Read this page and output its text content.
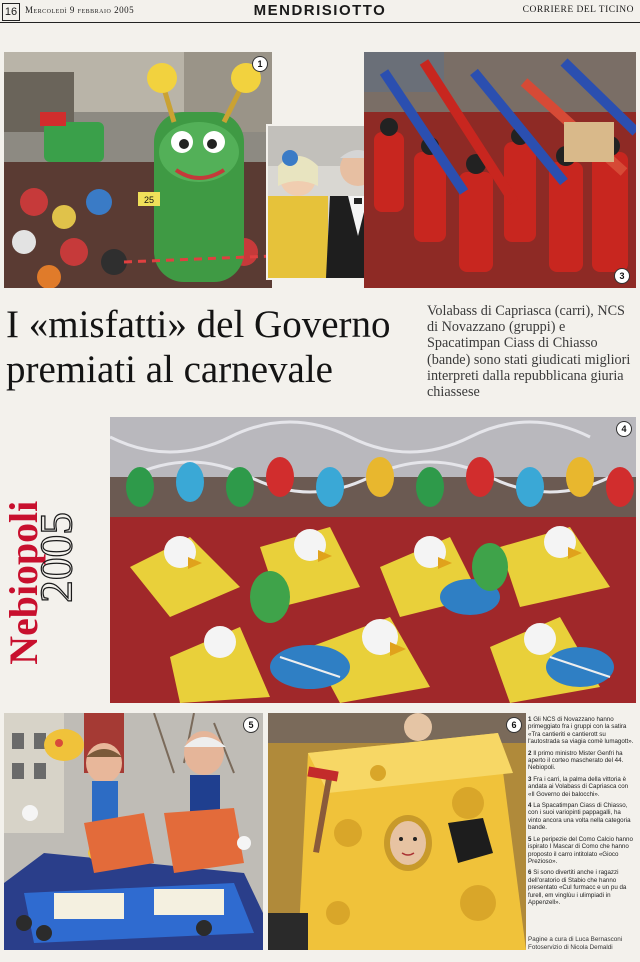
16 Mercoledì 9 febbraio 2005	MENDRISIOTTO	CORRIERE DEL TICINO
25
1
3
I «misfatti» del Governo premiati al carnevale
Volabass di Capriasca (carri), NCS di Novazzano (gruppi) e Spacatimpan Ciass di Chiasso (bande) sono stati giudicati migliori interpreti dalla repubblicana giuria chiassese
Nebiopoli
2005
4
5	6

1 Gli NCS di Novazzano hanno primeggiato fra i gruppi con la satira «Tra cantieriti e cantierott su l'autostrada sa viagia comè lumagott».

2 Il primo ministro Mister Genfri ha aperto il corteo mascherato del 44. Nebiopoli.

3 Fra i carri, la palma della vittoria è andata ai Volabass di Capriasca con «Il Governo dei balocchi».

4 La Spacatimpan Ciass di Chiasso, con i suoi variopinti pappagalli, ha vinto ancora una volta nella categoria bande.

5 Le peripezie del Como Calcio hanno ispirato I Mascar di Como che hanno proposto il carro intitolato «Gioco Prezioso».

6 Si sono divertiti anche i ragazzi dell'oratorio di Stabio che hanno presentato «Cul furmacc e un pu da furell, em vinglùu i ulimpiadi in Appenzell».

Pagine a cura di Luca Bernasconi
Fotoservizio di Nicola Demaldi
